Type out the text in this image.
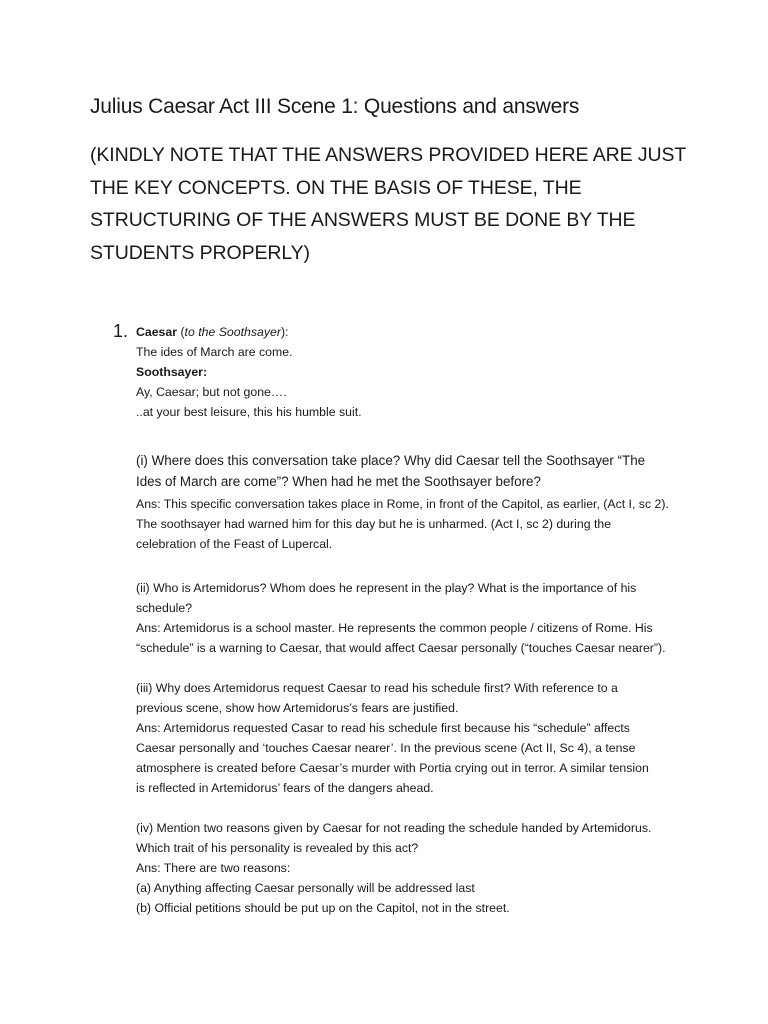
Julius Caesar Act III Scene 1: Questions and answers
(KINDLY NOTE THAT THE ANSWERS PROVIDED HERE ARE JUST
THE KEY CONCEPTS. ON THE BASIS OF THESE, THE
STRUCTURING OF THE ANSWERS MUST BE DONE BY THE
STUDENTS PROPERLY)
1. Caesar (to the Soothsayer):
The ides of March are come.
Soothsayer:
Ay, Caesar; but not gone….
..at your best leisure, this his humble suit.
(i) Where does this conversation take place? Why did Caesar tell the Soothsayer “The
Ides of March are come”? When had he met the Soothsayer before?
Ans: This specific conversation takes place in Rome, in front of the Capitol, as earlier, (Act I, sc 2).
The soothsayer had warned him for this day but he is unharmed. (Act I, sc 2) during the
celebration of the Feast of Lupercal.
(ii) Who is Artemidorus? Whom does he represent in the play? What is the importance of his
schedule?
Ans: Artemidorus is a school master. He represents the common people / citizens of Rome. His
“schedule” is a warning to Caesar, that would affect Caesar personally (“touches Caesar nearer”).
(iii) Why does Artemidorus request Caesar to read his schedule first? With reference to a
previous scene, show how Artemidorus’s fears are justified.
Ans: Artemidorus requested Casar to read his schedule first because his “schedule” affects
Caesar personally and ‘touches Caesar nearer’. In the previous scene (Act II, Sc 4), a tense
atmosphere is created before Caesar’s murder with Portia crying out in terror. A similar tension
is reflected in Artemidorus’ fears of the dangers ahead.
(iv) Mention two reasons given by Caesar for not reading the schedule handed by Artemidorus.
Which trait of his personality is revealed by this act?
Ans: There are two reasons:
(a) Anything affecting Caesar personally will be addressed last
(b) Official petitions should be put up on the Capitol, not in the street.
